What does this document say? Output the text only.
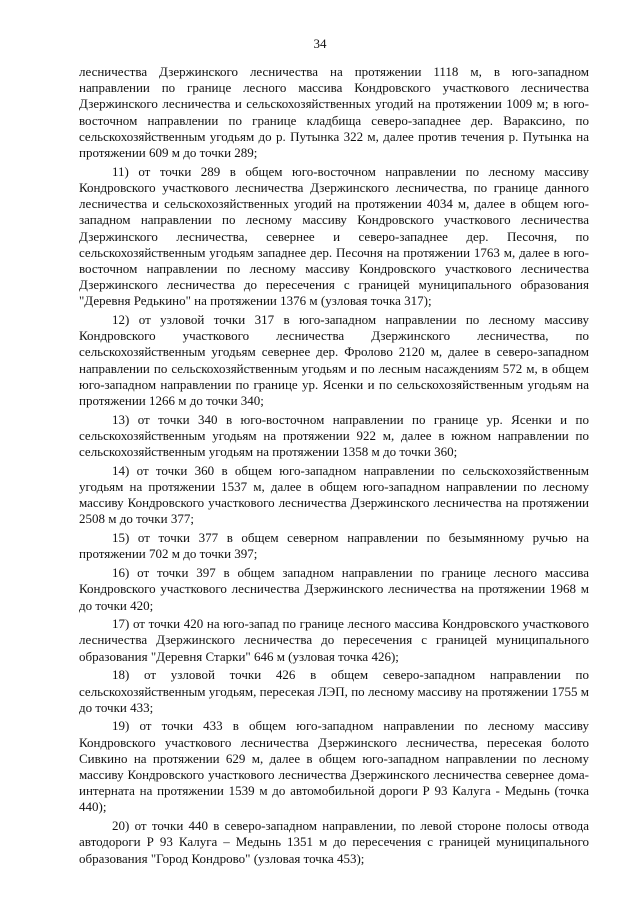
34

лесничества Дзержинского лесничества на протяжении 1118 м, в юго-западном направлении по границе лесного массива Кондровского участкового лесничества Дзержинского лесничества и сельскохозяйственных угодий на протяжении 1009 м; в юго-восточном направлении по границе кладбища северо-западнее дер. Вараксино, по сельскохозяйственным угодьям до р. Путынка 322 м, далее против течения р. Путынка на протяжении 609 м до точки 289;

11) от точки 289 в общем юго-восточном направлении по лесному массиву Кондровского участкового лесничества Дзержинского лесничества, по границе данного лесничества и сельскохозяйственных угодий на протяжении 4034 м, далее в общем юго-западном направлении по лесному массиву Кондровского участкового лесничества Дзержинского лесничества, севернее и северо-западнее дер. Песочня, по сельскохозяйственным угодьям западнее дер. Песочня на протяжении 1763 м, далее в юго-восточном направлении по лесному массиву Кондровского участкового лесничества Дзержинского лесничества до пересечения с границей муниципального образования "Деревня Редькино" на протяжении 1376 м (узловая точка 317);

12) от узловой точки 317 в юго-западном направлении по лесному массиву Кондровского участкового лесничества Дзержинского лесничества, по сельскохозяйственным угодьям севернее дер. Фролово 2120 м, далее в северо-западном направлении по сельскохозяйственным угодьям и по лесным насаждениям 572 м, в общем юго-западном направлении по границе ур. Ясенки и по сельскохозяйственным угодьям на протяжении 1266 м до точки 340;

13) от точки 340 в юго-восточном направлении по границе ур. Ясенки и по сельскохозяйственным угодьям на протяжении 922 м, далее в южном направлении по сельскохозяйственным угодьям на протяжении 1358 м до точки 360;

14) от точки 360 в общем юго-западном направлении по сельскохозяйственным угодьям на протяжении 1537 м, далее в общем юго-западном направлении по лесному массиву Кондровского участкового лесничества Дзержинского лесничества на протяжении 2508 м до точки 377;

15) от точки 377 в общем северном направлении по безымянному ручью на протяжении 702 м до точки 397;

16) от точки 397 в общем западном направлении по границе лесного массива Кондровского участкового лесничества Дзержинского лесничества на протяжении 1968 м до точки 420;

17) от точки 420 на юго-запад по границе лесного массива Кондровского участкового лесничества Дзержинского лесничества до пересечения с границей муниципального образования "Деревня Старки" 646 м (узловая точка 426);

18) от узловой точки 426 в общем северо-западном направлении по сельскохозяйственным угодьям, пересекая ЛЭП, по лесному массиву на протяжении 1755 м до точки 433;

19) от точки 433 в общем юго-западном направлении по лесному массиву Кондровского участкового лесничества Дзержинского лесничества, пересекая болото Сивкино на протяжении 629 м, далее в общем юго-западном направлении по лесному массиву Кондровского участкового лесничества Дзержинского лесничества севернее дома-интерната на протяжении 1539 м до автомобильной дороги Р 93 Калуга - Медынь (точка 440);

20) от точки 440 в северо-западном направлении, по левой стороне полосы отвода автодороги Р 93 Калуга – Медынь 1351 м до пересечения с границей муниципального образования "Город Кондрово" (узловая точка 453);
